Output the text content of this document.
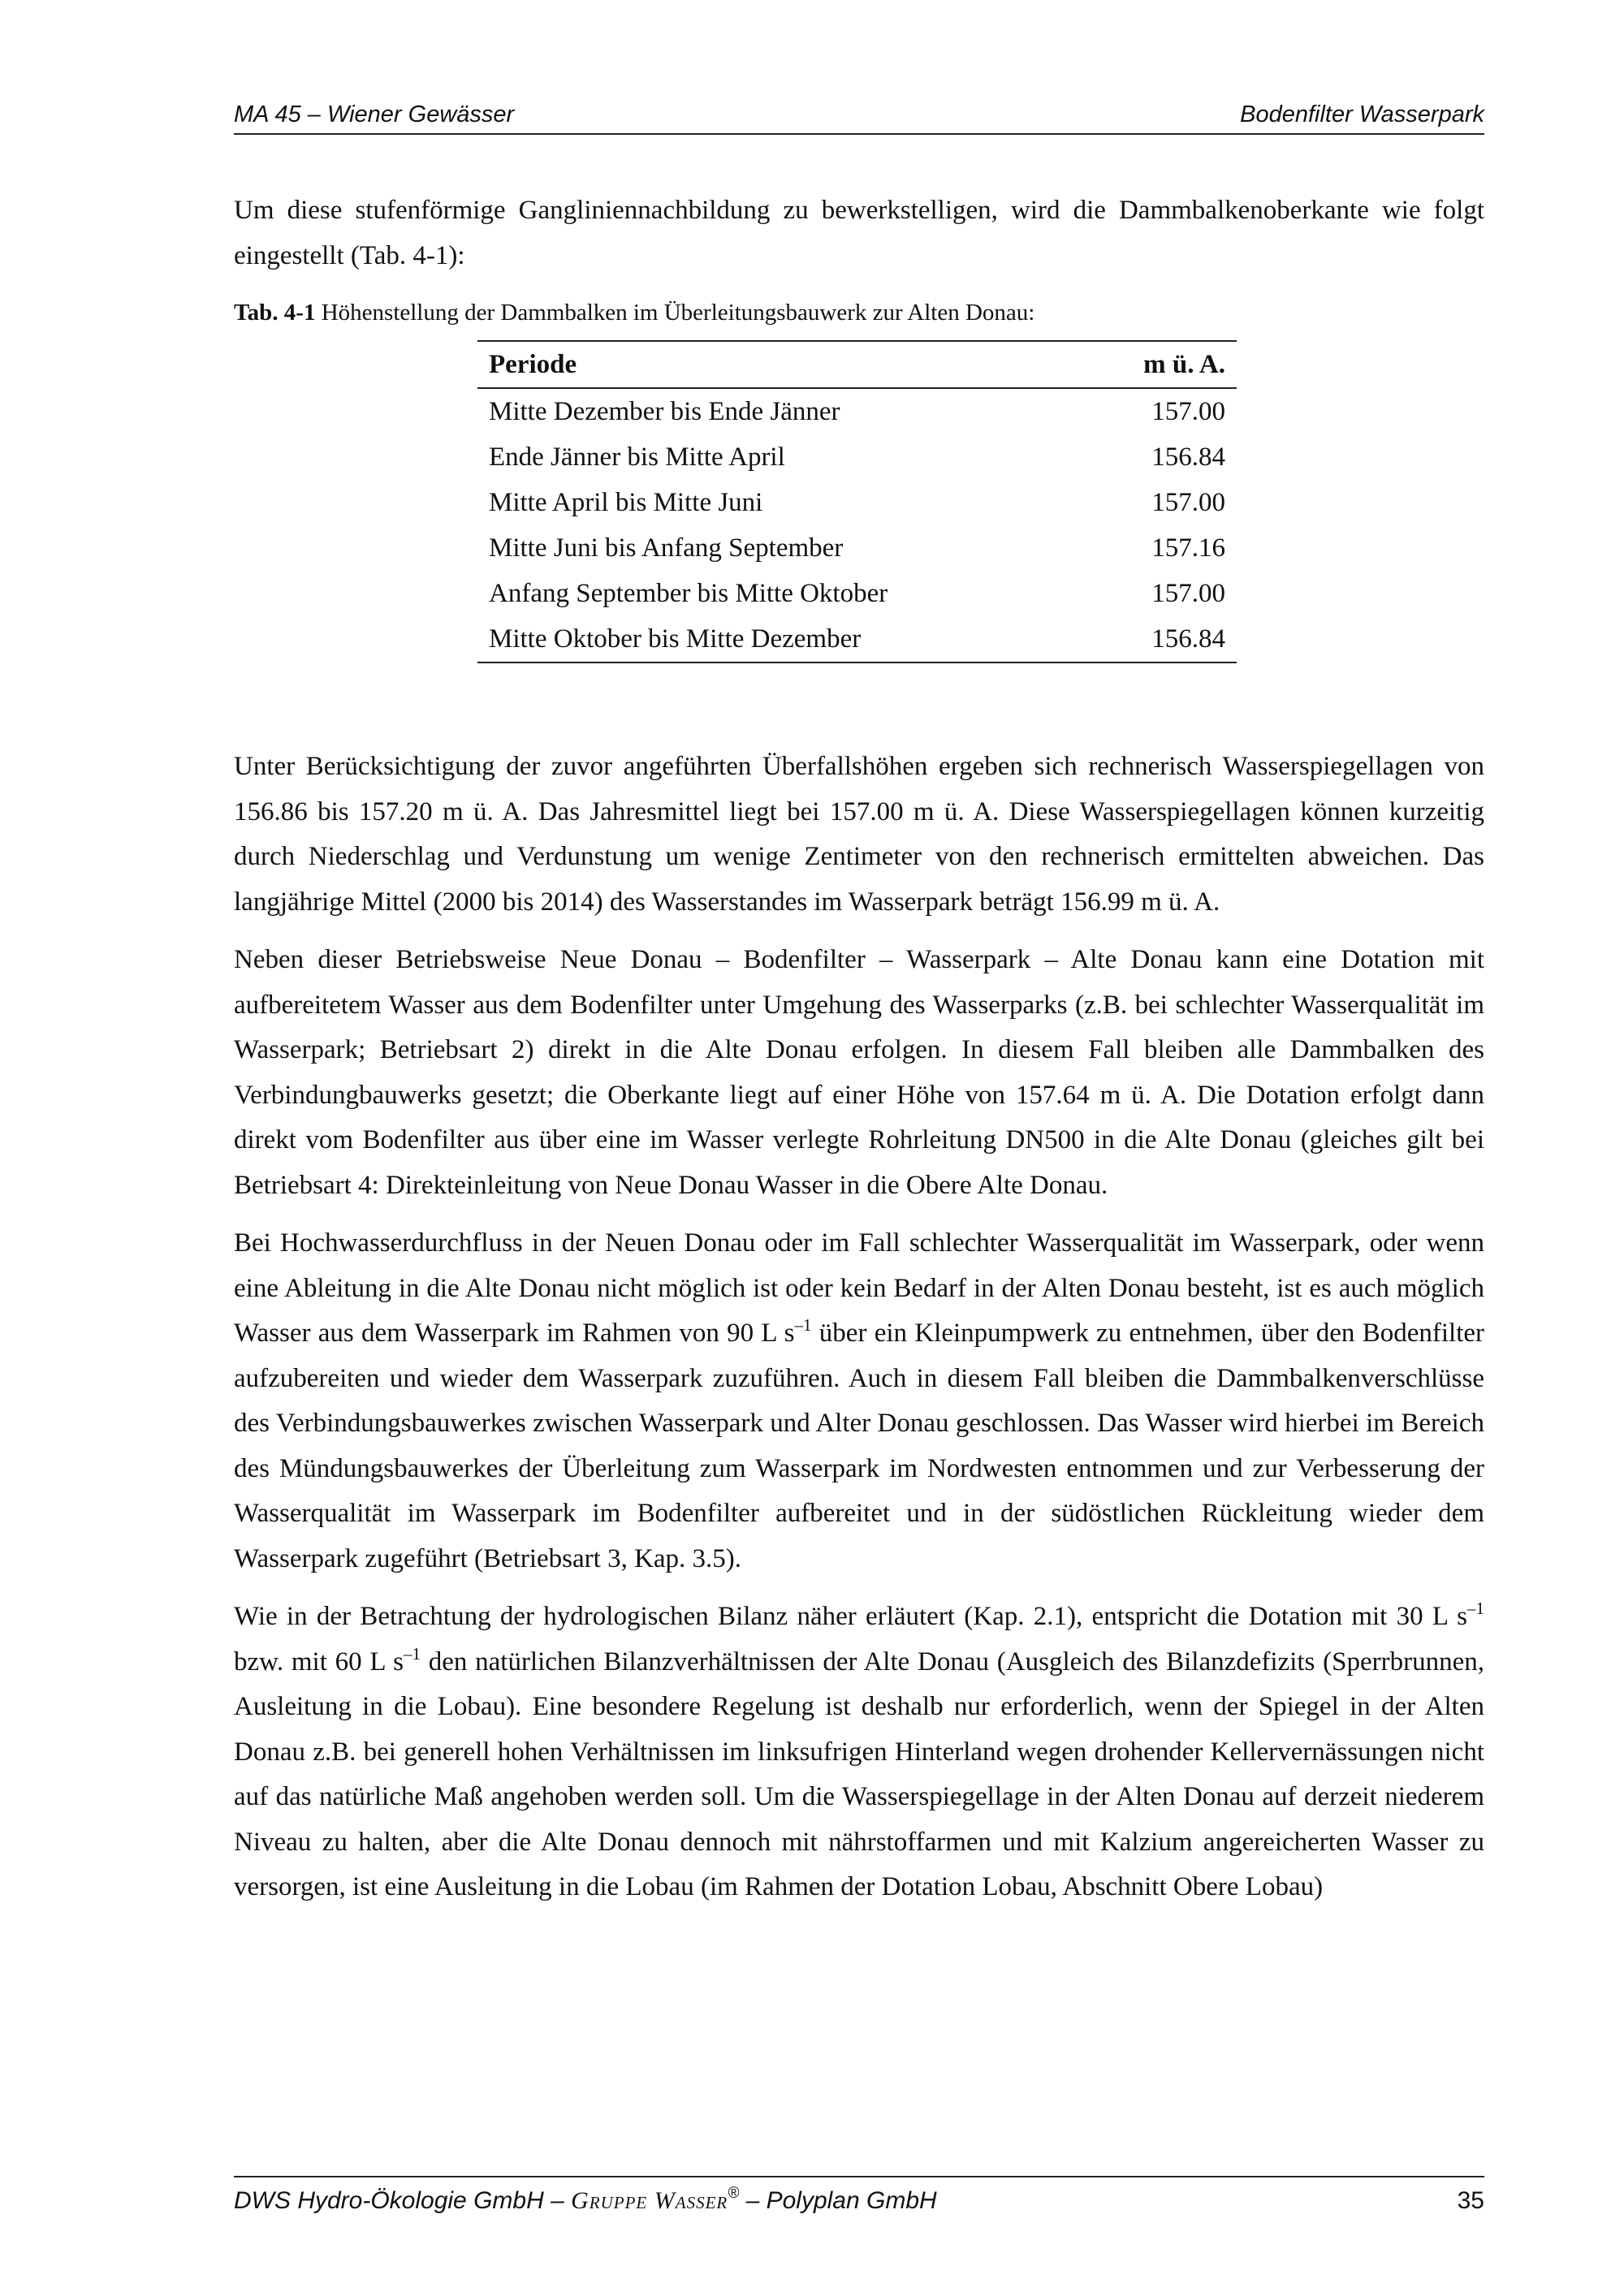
MA 45 – Wiener Gewässer	Bodenfilter Wasserpark

Um diese stufenförmige Gangliniennachbildung zu bewerkstelligen, wird die Dammbalkenoberkante wie folgt eingestellt (Tab. 4-1):

Tab. 4-1 Höhenstellung der Dammbalken im Überleitungsbauwerk zur Alten Donau:
Periode	m ü. A.
Mitte Dezember bis Ende Jänner	157.00
Ende Jänner bis Mitte April	156.84
Mitte April bis Mitte Juni	157.00
Mitte Juni bis Anfang September	157.16
Anfang September bis Mitte Oktober	157.00
Mitte Oktober bis Mitte Dezember	156.84

Unter Berücksichtigung der zuvor angeführten Überfallshöhen ergeben sich rechnerisch Wasserspiegellagen von 156.86 bis 157.20 m ü. A. Das Jahresmittel liegt bei 157.00 m ü. A. Diese Wasserspiegellagen können kurzeitig durch Niederschlag und Verdunstung um wenige Zentimeter von den rechnerisch ermittelten abweichen. Das langjährige Mittel (2000 bis 2014) des Wasserstandes im Wasserpark beträgt 156.99 m ü. A.

Neben dieser Betriebsweise Neue Donau – Bodenfilter – Wasserpark – Alte Donau kann eine Dotation mit aufbereitetem Wasser aus dem Bodenfilter unter Umgehung des Wasserparks (z.B. bei schlechter Wasserqualität im Wasserpark; Betriebsart 2) direkt in die Alte Donau erfolgen. In diesem Fall bleiben alle Dammbalken des Verbindungbauwerks gesetzt; die Oberkante liegt auf einer Höhe von 157.64 m ü. A. Die Dotation erfolgt dann direkt vom Bodenfilter aus über eine im Wasser verlegte Rohrleitung DN500 in die Alte Donau (gleiches gilt bei Betriebsart 4: Direkteinleitung von Neue Donau Wasser in die Obere Alte Donau.

Bei Hochwasserdurchfluss in der Neuen Donau oder im Fall schlechter Wasserqualität im Wasserpark, oder wenn eine Ableitung in die Alte Donau nicht möglich ist oder kein Bedarf in der Alten Donau besteht, ist es auch möglich Wasser aus dem Wasserpark im Rahmen von 90 L $s^{-1}$ über ein Kleinpumpwerk zu entnehmen, über den Bodenfilter aufzubereiten und wieder dem Wasserpark zuzuführen. Auch in diesem Fall bleiben die Dammbalkenverschlüsse des Verbindungsbauwerkes zwischen Wasserpark und Alter Donau geschlossen. Das Wasser wird hierbei im Bereich des Mündungsbauwerkes der Überleitung zum Wasserpark im Nordwesten entnommen und zur Verbesserung der Wasserqualität im Wasserpark im Bodenfilter aufbereitet und in der südöstlichen Rückleitung wieder dem Wasserpark zugeführt (Betriebsart 3, Kap. 3.5).

Wie in der Betrachtung der hydrologischen Bilanz näher erläutert (Kap. 2.1), entspricht die Dotation mit 30 L $s^{-1}$ bzw. mit 60 L $s^{-1}$ den natürlichen Bilanzverhältnissen der Alte Donau (Ausgleich des Bilanzdefizits (Sperrbrunnen, Ausleitung in die Lobau). Eine besondere Regelung ist deshalb nur erforderlich, wenn der Spiegel in der Alten Donau z.B. bei generell hohen Verhältnissen im linksufrigen Hinterland wegen drohender Kellervernässungen nicht auf das natürliche Maß angehoben werden soll. Um die Wasserspiegellage in der Alten Donau auf derzeit niederem Niveau zu halten, aber die Alte Donau dennoch mit nährstoffarmen und mit Kalzium angereicherten Wasser zu versorgen, ist eine Ausleitung in die Lobau (im Rahmen der Dotation Lobau, Abschnitt Obere Lobau)

DWS Hydro-Ökologie GmbH – Gruppe Wasser® – Polyplan GmbH	35
